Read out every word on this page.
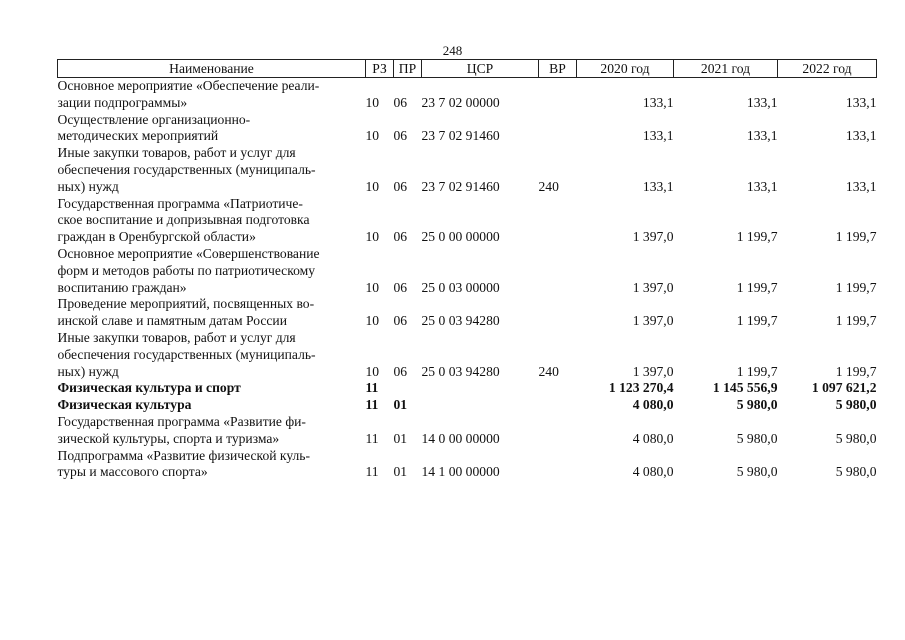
248
Наименование	РЗ	ПР	ЦСР	ВР	2020 год	2021 год	2022 год
Основное мероприятие «Обеспечение реали-
зации подпрограммы»	10	06	23 7 02 00000		133,1	133,1	133,1
Осуществление организационно-
методических мероприятий	10	06	23 7 02 91460		133,1	133,1	133,1
Иные закупки товаров, работ и услуг для
обеспечения государственных (муниципаль-
ных) нужд	10	06	23 7 02 91460	240	133,1	133,1	133,1
Государственная программа «Патриотиче-
ское воспитание и допризывная подготовка
граждан в Оренбургской области»	10	06	25 0 00 00000		1 397,0	1 199,7	1 199,7
Основное мероприятие «Совершенствование
форм и методов работы по патриотическому
воспитанию граждан»	10	06	25 0 03 00000		1 397,0	1 199,7	1 199,7
Проведение мероприятий, посвященных во-
инской славе и памятным датам России	10	06	25 0 03 94280		1 397,0	1 199,7	1 199,7
Иные закупки товаров, работ и услуг для
обеспечения государственных (муниципаль-
ных) нужд	10	06	25 0 03 94280	240	1 397,0	1 199,7	1 199,7
Физическая культура и спорт	11				1 123 270,4	1 145 556,9	1 097 621,2
Физическая культура	11	01			4 080,0	5 980,0	5 980,0
Государственная программа «Развитие фи-
зической культуры, спорта и туризма»	11	01	14 0 00 00000		4 080,0	5 980,0	5 980,0
Подпрограмма «Развитие физической куль-
туры и массового спорта»	11	01	14 1 00 00000		4 080,0	5 980,0	5 980,0
